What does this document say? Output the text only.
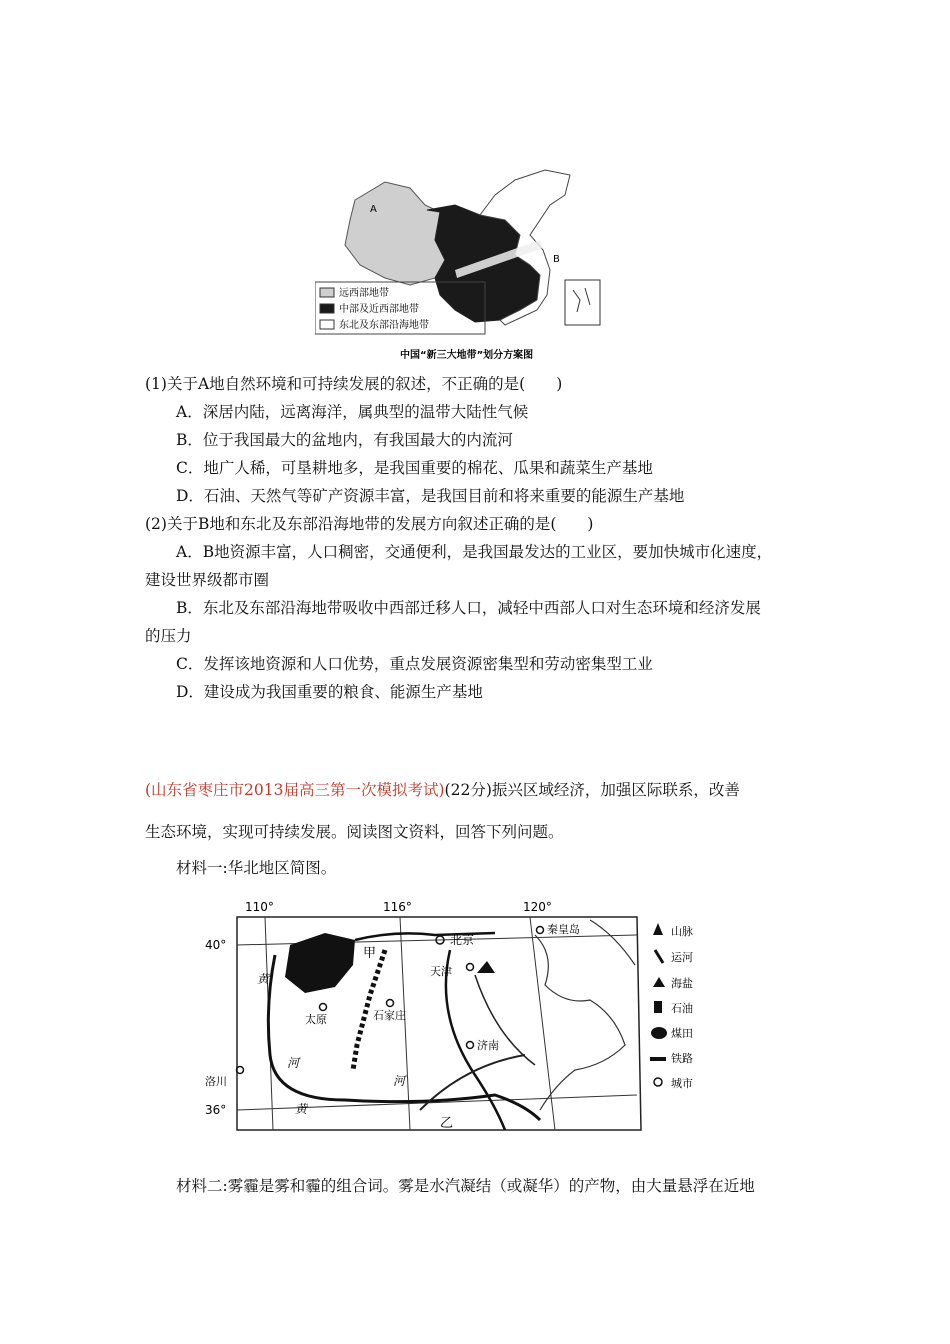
A
B
远西部地带
中部及近西部地带
东北及东部沿海地带
中国“新三大地带”划分方案图
(1)关于A地自然环境和可持续发展的叙述，不正确的是(　　)
A．深居内陆，远离海洋，属典型的温带大陆性气候
B．位于我国最大的盆地内，有我国最大的内流河
C．地广人稀，可垦耕地多，是我国重要的棉花、瓜果和蔬菜生产基地
D．石油、天然气等矿产资源丰富，是我国目前和将来重要的能源生产基地
(2)关于B地和东北及东部沿海地带的发展方向叙述正确的是(　　)
A．B地资源丰富，人口稠密，交通便利，是我国最发达的工业区，要加快城市化速度，
建设世界级都市圈
B．东北及东部沿海地带吸收中西部迁移人口，减轻中西部人口对生态环境和经济发展
的压力
C．发挥该地资源和人口优势，重点发展资源密集型和劳动密集型工业
D．建设成为我国重要的粮食、能源生产基地
(山东省枣庄市2013届高三第一次模拟考试)(22分)振兴区域经济，加强区际联系，改善
生态环境，实现可持续发展。阅读图文资料，回答下列问题。
材料一:华北地区简图。
110°	116°	120°
40°
36°
北京
秦皇岛
天津
太原	石家庄
济南
洛川
甲
乙
黄
河
河
黄
山脉
运河
海盐
石油
煤田
铁路
城市
材料二:雾霾是雾和霾的组合词。雾是水汽凝结（或凝华）的产物，由大量悬浮在近地
